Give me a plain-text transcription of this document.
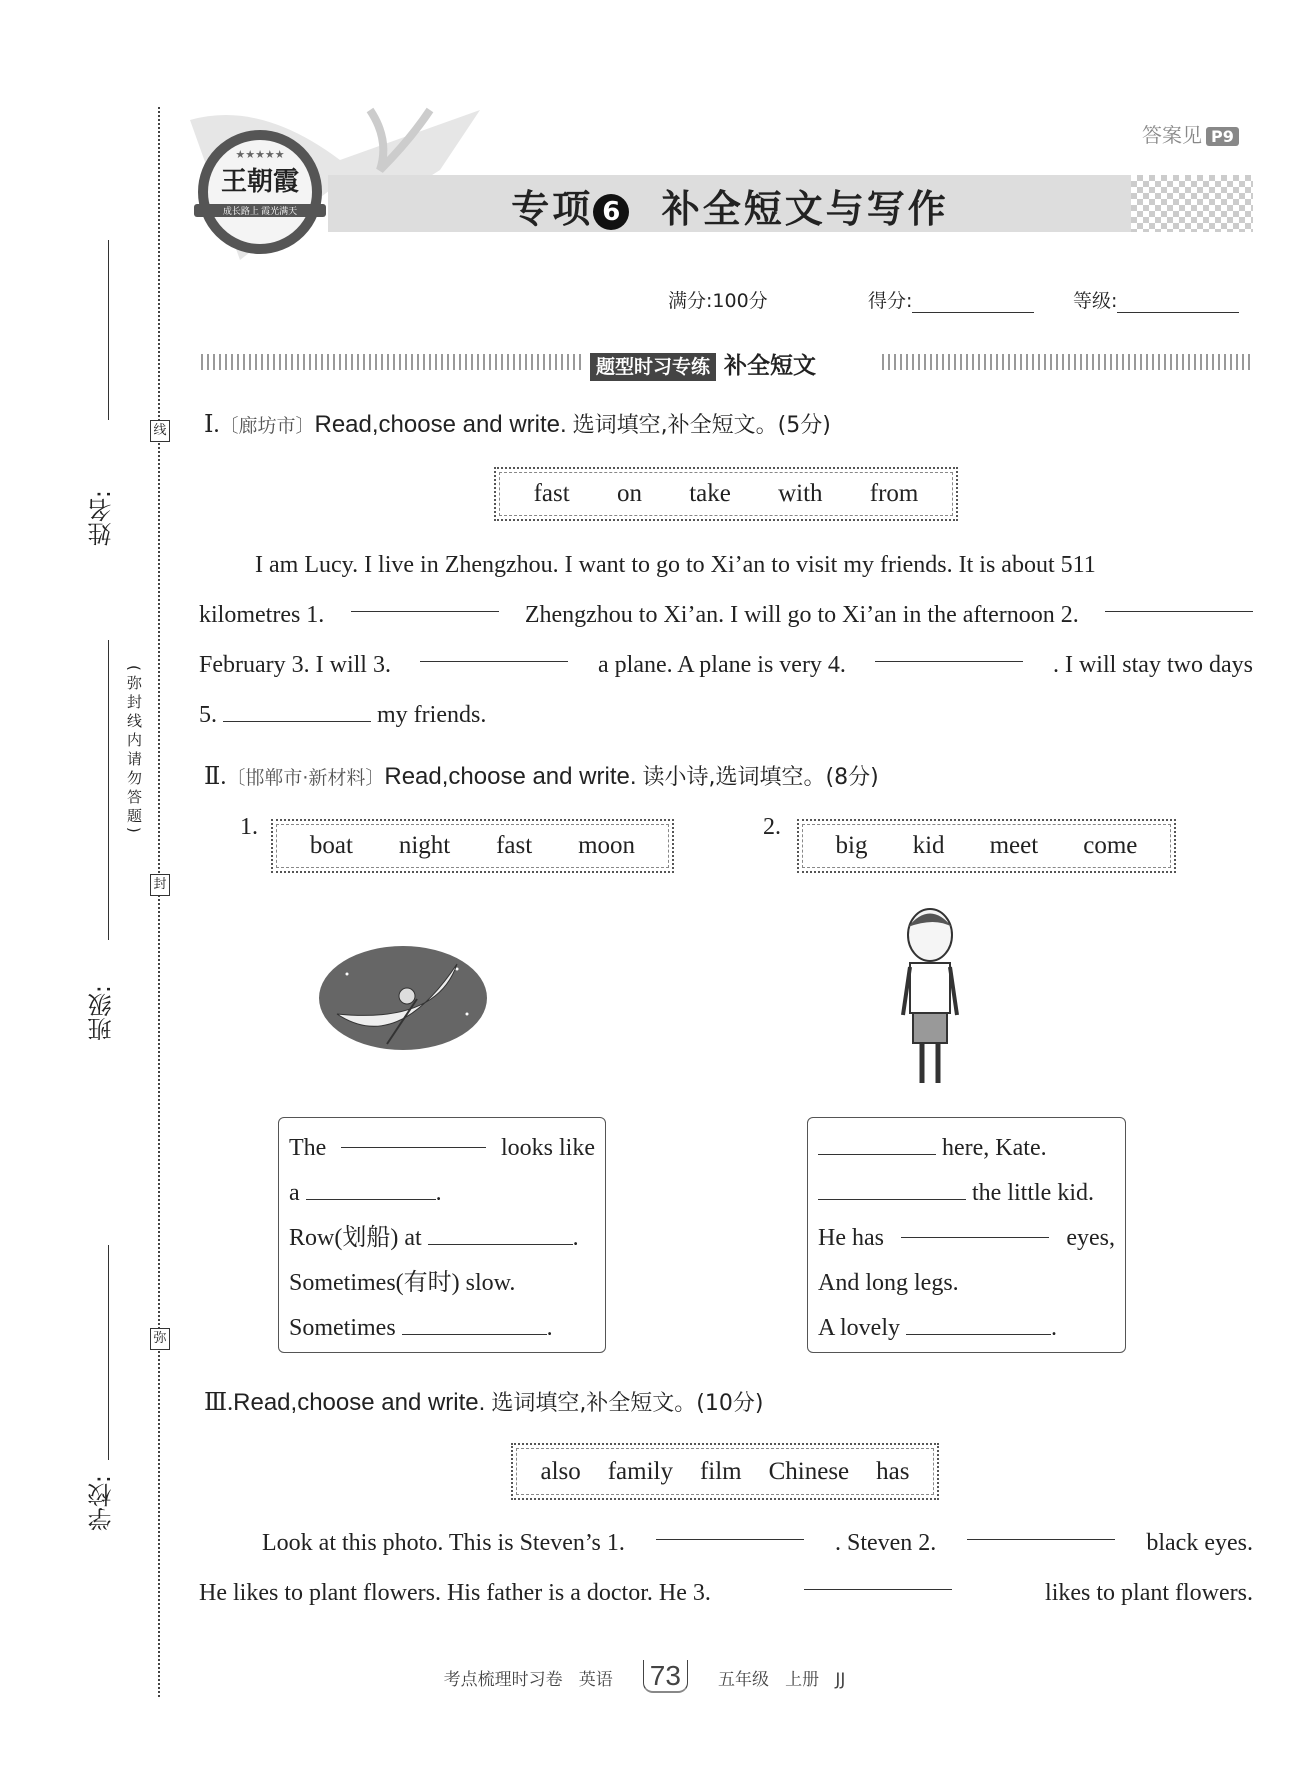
姓名:
班级:
学校:
线
封
弥
(弥封线内请勿答题)
★★★★★
王朝霞
成长路上 霞光满天	专项 6 补全短文与写作
答案见 P9
满分:100分	得分:	等级:
题型时习专练 补全短文
Ⅰ.〔廊坊市〕Read,choose and write. 选词填空,补全短文。(5分)
fast on take with from
I am Lucy. I live in Zhengzhou. I want to go to Xi’an to visit my friends. It is about 511
kilometres 1.	Zhengzhou to Xi’an. I will go to Xi’an in the afternoon 2.
February 3. I will 3.	a plane. A plane is very 4.	. I will stay two days
5.	my friends.
Ⅱ.〔邯郸市·新材料〕Read,choose and write. 读小诗,选词填空。(8分)
1.
boat night fast moon
2.
big kid meet come
The	looks like
a	.
Row(划船) at	.
Sometimes(有时) slow.
Sometimes	.
here, Kate.
the little kid.
He has	eyes,
And long legs.
A lovely	.
Ⅲ.Read,choose and write. 选词填空,补全短文。(10分)
also family film Chinese has
Look at this photo. This is Steven’s 1.	. Steven 2.	black eyes.
He likes to plant flowers. His father is a doctor. He 3.	likes to plant flowers.
考点梳理时习卷 英语 73 五年级 上册 JJ
